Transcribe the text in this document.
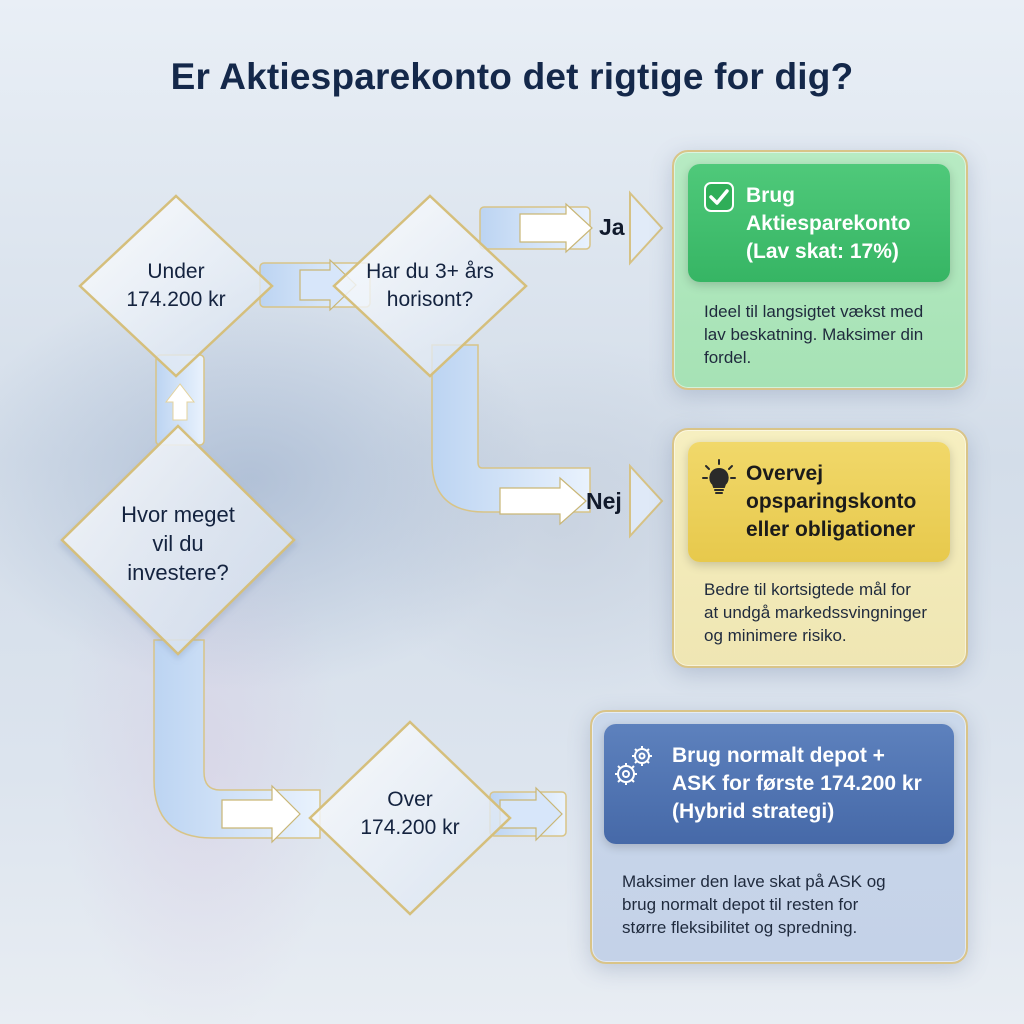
Er Aktiesparekonto det rigtige for dig?
Hvor meget
vil du
investere?
Under
174.200 kr
Har du 3+ års
horisont?
Over
174.200 kr
Ja
Nej
Brug
Aktiesparekonto
(Lav skat: 17%)
Ideel til langsigtet vækst med
lav beskatning. Maksimer din
fordel.
Overvej
opsparingskonto
eller obligationer
Bedre til kortsigtede mål for
at undgå markedssvingninger
og minimere risiko.
Brug normalt depot +
ASK for første 174.200 kr
(Hybrid strategi)
Maksimer den lave skat på ASK og
brug normalt depot til resten for
større fleksibilitet og spredning.
